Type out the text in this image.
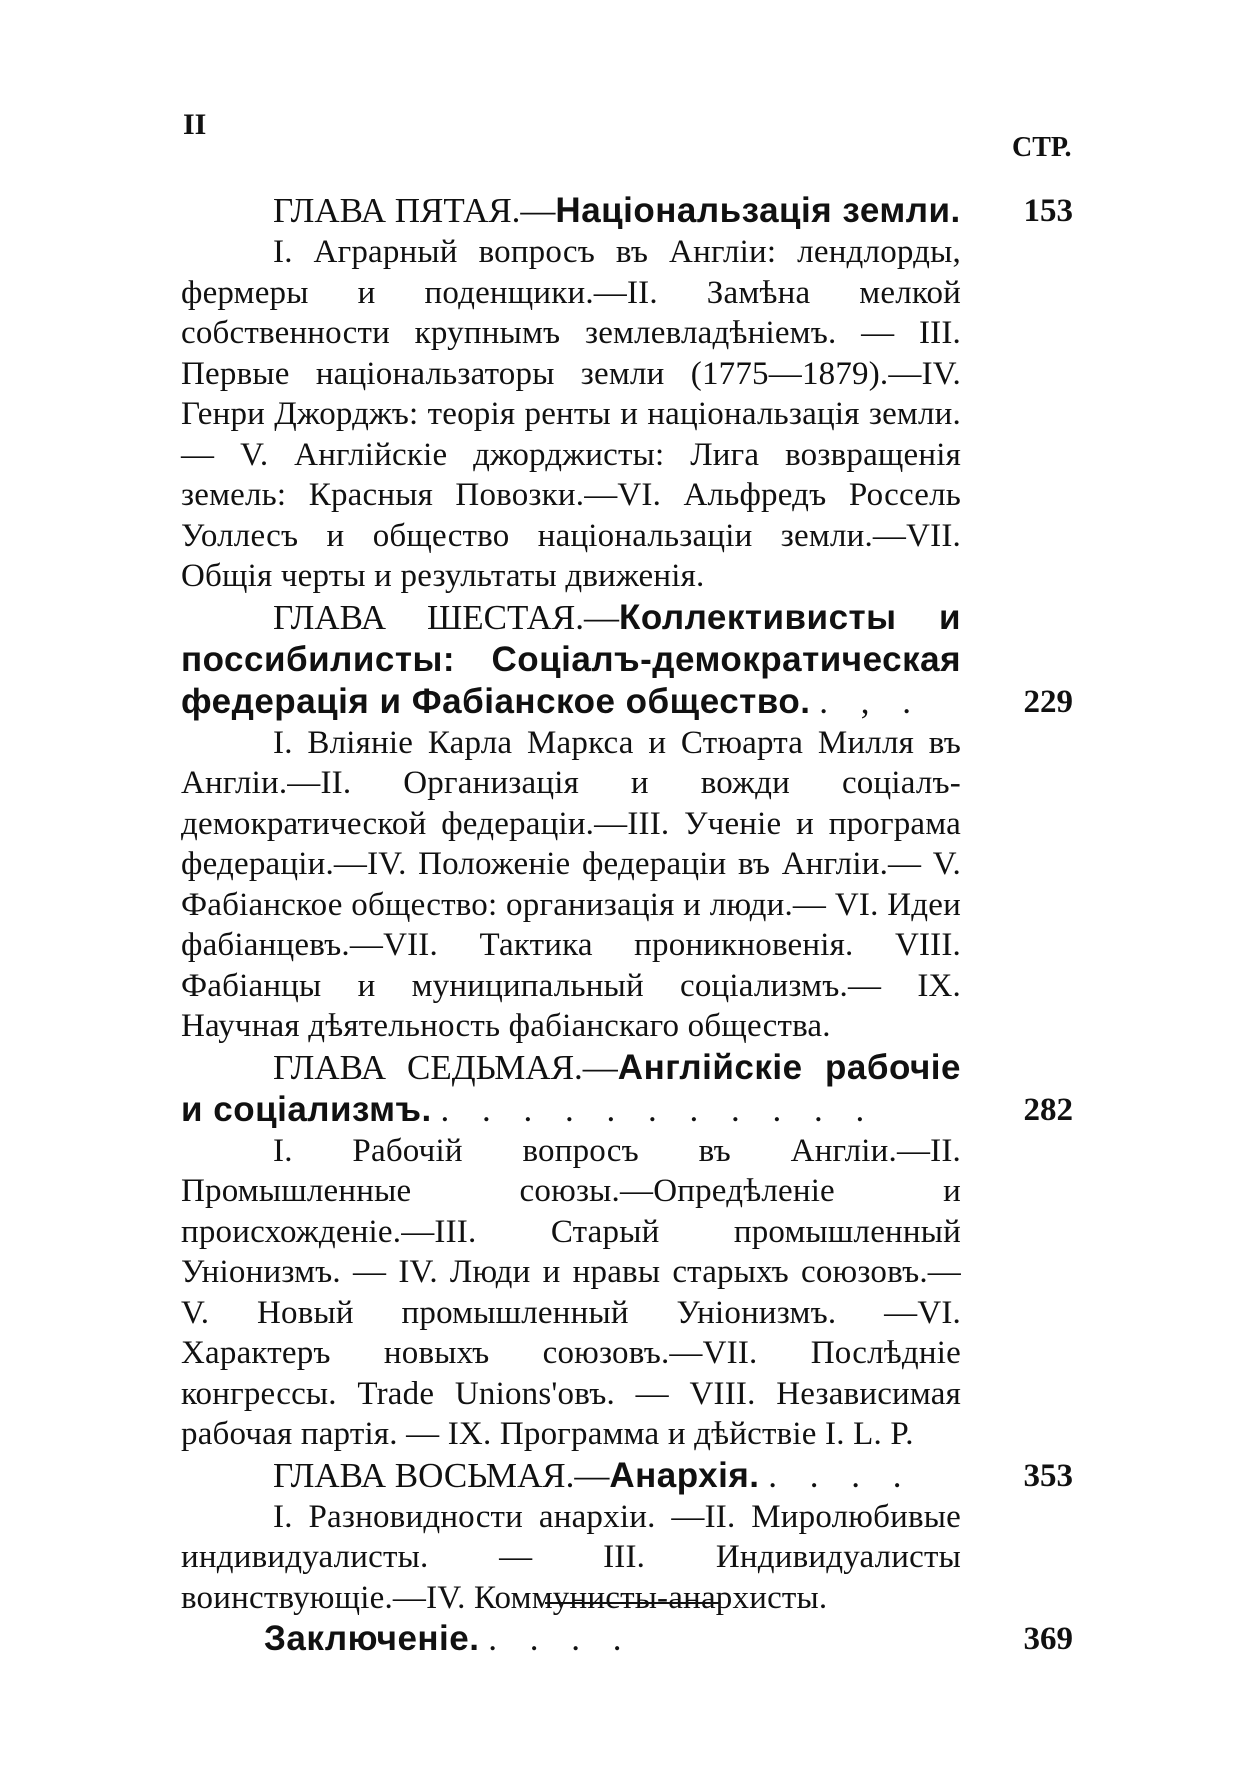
II
СТР.
ГЛАВА ПЯТАЯ.—Національзація земли. 153

I. Аграрный вопросъ въ Англіи: лендлорды, фермеры и поденщики.—II. Замѣна мелкой собственности крупнымъ землевладѣніемъ. — III. Первые національзаторы земли (1775—1879).—IV. Генри Джорджъ: теорія ренты и національзація земли.— V. Англійскіе джорджисты: Лига возвращенія земель: Красныя Повозки.—VI. Альфредъ Россель Уоллесъ и общество національзаціи земли.—VII. Общія черты и результаты движенія.

ГЛАВА ШЕСТАЯ.—Коллективисты и поссибилисты: Соціалъ-демократическая федерація и Фабіанское общество. . , .	229

I. Вліяніе Карла Маркса и Стюарта Милля въ Англіи.—II. Организація и вожди соціалъ-демократической федераціи.—III. Ученіе и програма федераціи.—IV. Положеніе федераціи въ Англіи.— V. Фабіанское общество: организація и люди.— VI. Идеи фабіанцевъ.—VII. Тактика проникновенія. VIII. Фабіанцы и муниципальный соціализмъ.— IX. Научная дѣятельность фабіанскаго общества.

ГЛАВА СЕДЬМАЯ.—Англійскіе рабочіе и соціализмъ. . . . . . . . . . . .	282

I. Рабочій вопросъ въ Англіи.—II. Промышленные союзы.—Опредѣленіе и происхожденіе.—III. Старый промышленный Уніонизмъ. — IV. Люди и нравы старыхъ союзовъ.—V. Новый промышленный Уніонизмъ. —VI. Характеръ новыхъ союзовъ.—VII. Послѣдніе конгрессы. Trade Unions'овъ. — VIII. Независимая рабочая партія. — IX. Программа и дѣйствіе I. L. P.

ГЛАВА ВОСЬМАЯ.—Анархія. . . . .	353

I. Разновидности анархіи. —II. Миролюбивые индивидуалисты. — III. Индивидуалисты воинствующіе.—IV. Коммунисты-анархисты.

Заключеніе. . . . .	369
